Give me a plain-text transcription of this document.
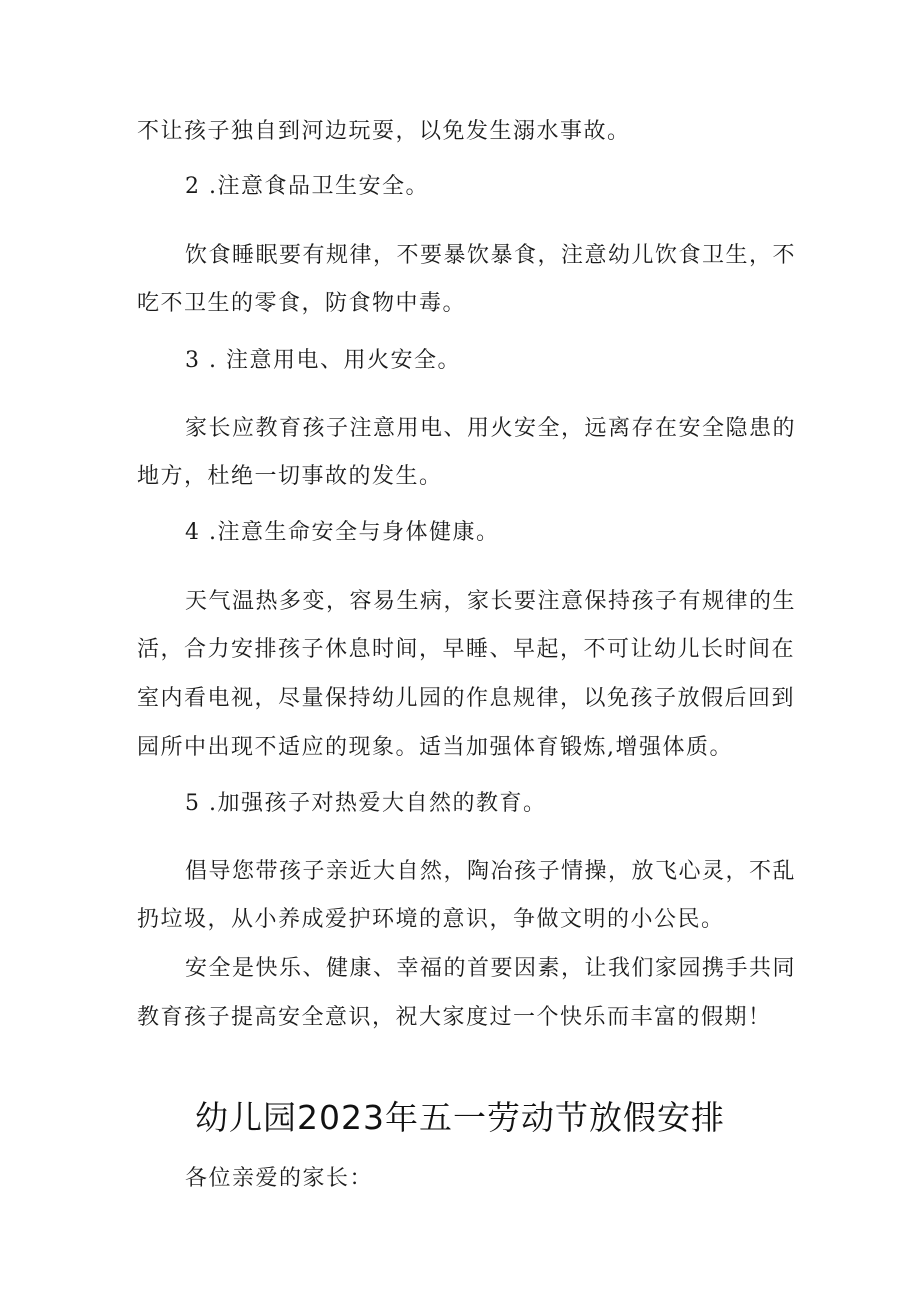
不让孩子独自到河边玩耍，以免发生溺水事故。
2 .注意食品卫生安全。
饮食睡眠要有规律，不要暴饮暴食，注意幼儿饮食卫生，不
吃不卫生的零食，防食物中毒。
3 . 注意用电、用火安全。
家长应教育孩子注意用电、用火安全，远离存在安全隐患的
地方，杜绝一切事故的发生。
4 .注意生命安全与身体健康。
天气温热多变，容易生病，家长要注意保持孩子有规律的生
活，合力安排孩子休息时间，早睡、早起，不可让幼儿长时间在
室内看电视，尽量保持幼儿园的作息规律，以免孩子放假后回到
园所中出现不适应的现象。适当加强体育锻炼,增强体质。
5 .加强孩子对热爱大自然的教育。
倡导您带孩子亲近大自然，陶冶孩子情操，放飞心灵，不乱
扔垃圾，从小养成爱护环境的意识，争做文明的小公民。
安全是快乐、健康、幸福的首要因素，让我们家园携手共同
教育孩子提高安全意识，祝大家度过一个快乐而丰富的假期！
幼儿园2023年五一劳动节放假安排
各位亲爱的家长：
